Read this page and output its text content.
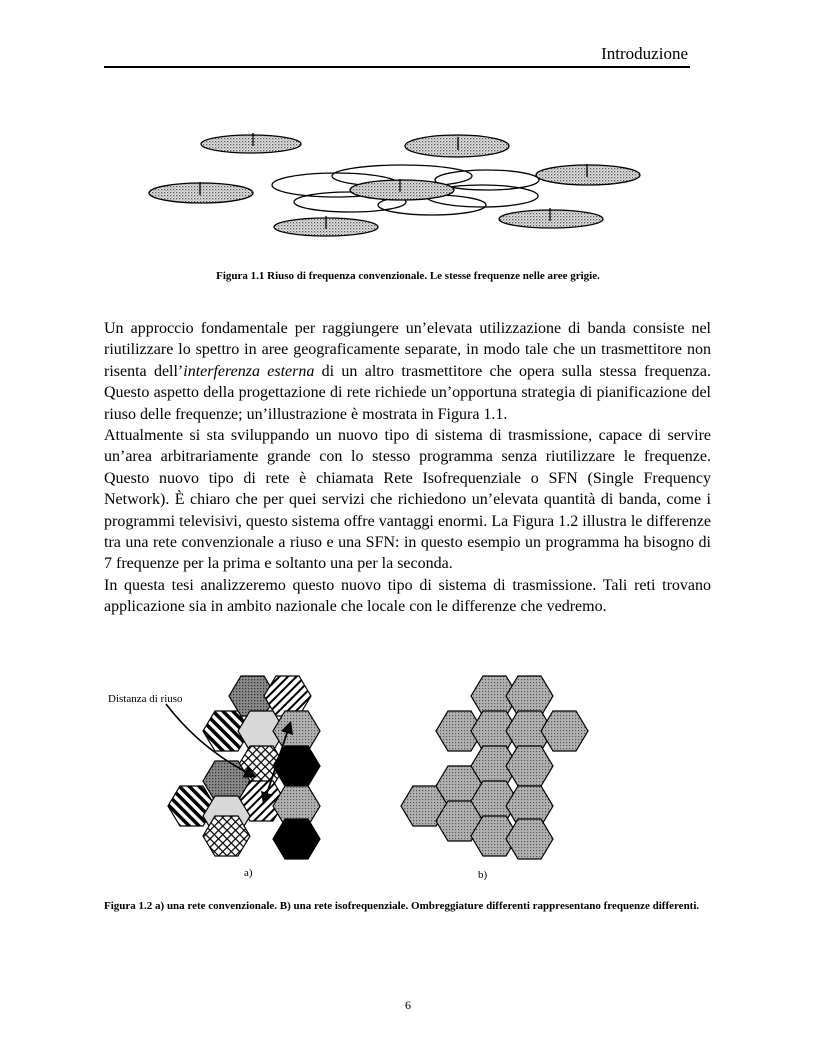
Introduzione
Figura 1.1 Riuso di frequenza convenzionale. Le stesse frequenze nelle aree grigie.

Un approccio fondamentale per raggiungere un’elevata utilizzazione di banda consiste nel riutilizzare lo spettro in aree geograficamente separate, in modo tale che un trasmettitore non risenta dell’interferenza esterna di un altro trasmettitore che opera sulla stessa frequenza. Questo aspetto della progettazione di rete richiede un’opportuna strategia di pianificazione del riuso delle frequenze; un’illustrazione è mostrata in Figura 1.1.

Attualmente si sta sviluppando un nuovo tipo di sistema di trasmissione, capace di servire un’area arbitrariamente grande con lo stesso programma senza riutilizzare le frequenze. Questo nuovo tipo di rete è chiamata Rete Isofrequenziale o SFN (Single Frequency Network). È chiaro che per quei servizi che richiedono un’elevata quantità di banda, come i programmi televisivi, questo sistema offre vantaggi enormi. La Figura 1.2 illustra le differenze tra una rete convenzionale a riuso e una SFN: in questo esempio un programma ha bisogno di 7 frequenze per la prima e soltanto una per la seconda.

In questa tesi analizzeremo questo nuovo tipo di sistema di trasmissione. Tali reti trovano applicazione sia in ambito nazionale che locale con le differenze che vedremo.

Distanza di riuso
a)	b)
Figura 1.2 a) una rete convenzionale. B) una rete isofrequenziale. Ombreggiature differenti rappresentano frequenze differenti.
6
